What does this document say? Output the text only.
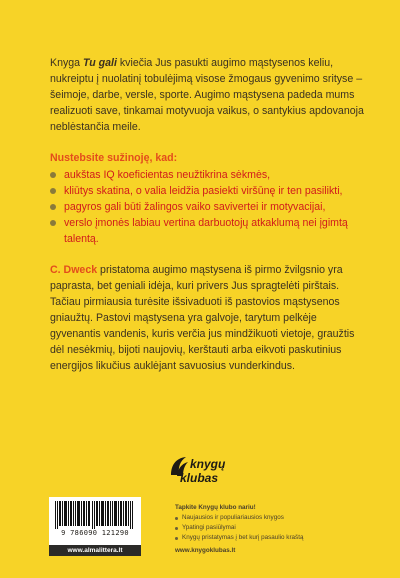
Knyga Tu gali kviečia Jus pasukti augimo mąstysenos keliu, nukreiptu į nuolatinį tobulėjimą visose žmogaus gyvenimo srityse – šeimoje, darbe, versle, sporte. Augimo mąstysena padeda mums realizuoti save, tinkamai motyvuoja vaikus, o santykius apdovanoja neblėstančia meile.

Nustebsite sužinoję, kad:
aukštas IQ koeficientas neužtikrina sėkmės,
kliūtys skatina, o valia leidžia pasiekti viršūnę ir ten pasilikti,
pagyros gali būti žalingos vaiko savivertei ir motyvacijai,
verslo įmonės labiau vertina darbuotojų atkaklumą nei įgimtą talentą.

C. Dweck pristatoma augimo mąstysena iš pirmo žvilgsnio yra paprasta, bet geniali idėja, kuri privers Jus spragtelėti pirštais. Tačiau pirmiausia turėsite išsivaduoti iš pastovios mąstysenos gniaužtų. Pastovi mąstysena yra galvoje, tarytum pelkėje gyvenantis vandenis, kuris verčia jus mindžikuoti vietoje, graužtis dėl nesėkmių, bijoti naujovių, kerštauti arba eikvoti paskutinius energijos likučius auklėjant savuosius vunderkindus.

knygų
klubas
9 786090 121290
www.almalittera.lt
Tapkite Knygų klubo nariu!
Naujausios ir populiariausios knygos
Ypatingi pasiūlymai
Knygų pristatymas į bet kurį pasaulio kraštą
www.knygoklubas.lt
